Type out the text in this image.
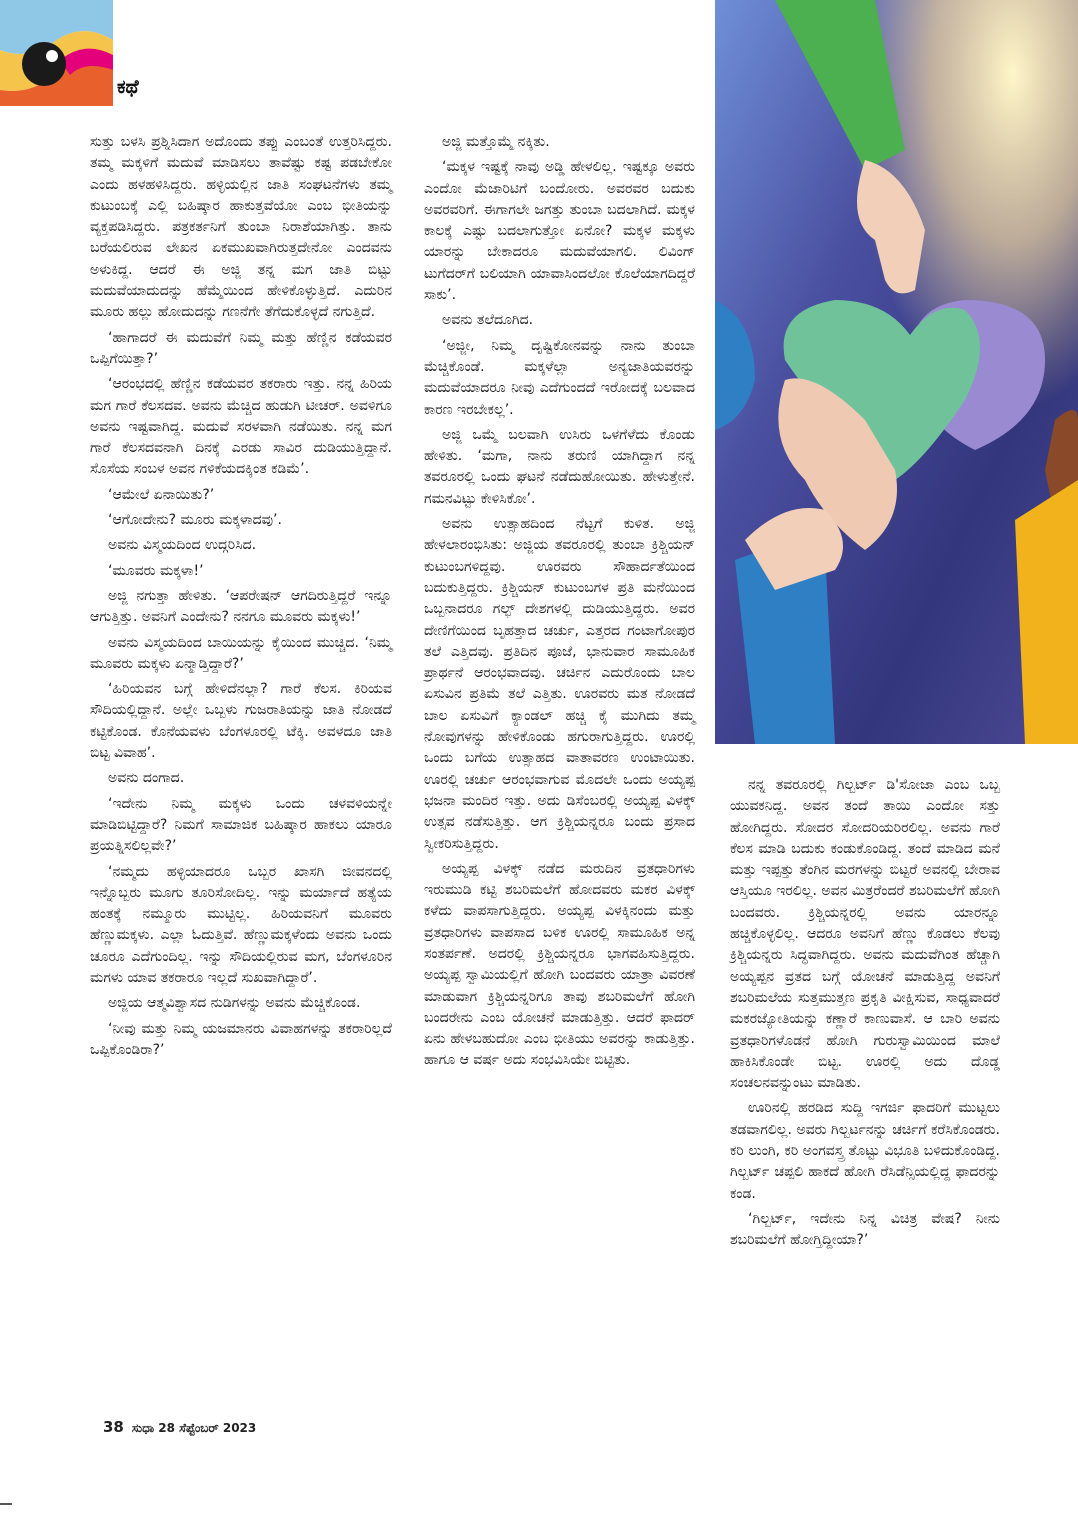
ಕಥೆ

ಸುತ್ತು ಬಳಸಿ ಪ್ರಶ್ನಿಸಿದಾಗ ಅದೊಂದು ತಪ್ಪು ಎಂಬಂತೆ ಉತ್ತರಿಸಿದ್ದರು. ತಮ್ಮ ಮಕ್ಕಳಿಗೆ ಮದುವೆ ಮಾಡಿಸಲು ತಾವೆಷ್ಟು ಕಷ್ಟ ಪಡಬೇಕೋ ಎಂದು ಹಳಹಳಿಸಿದ್ದರು. ಹಳ್ಳಿಯಲ್ಲಿನ ಜಾತಿ ಸಂಘಟನೆಗಳು ತಮ್ಮ ಕುಟುಂಬಕ್ಕೆ ಎಲ್ಲಿ ಬಹಿಷ್ಕಾರ ಹಾಕುತ್ತವೆಯೋ ಎಂಬ ಭೀತಿಯನ್ನು ವ್ಯಕ್ತಪಡಿಸಿದ್ದರು. ಪತ್ರಕರ್ತನಿಗೆ ತುಂಬಾ ನಿರಾಶೆಯಾಗಿತ್ತು. ತಾನು ಬರೆಯಲಿರುವ ಲೇಖನ ಏಕಮುಖವಾಗಿರುತ್ತದೇನೋ ಎಂದವನು ಅಳುಕಿದ್ದ. ಆದರೆ ಈ ಅಜ್ಜಿ ತನ್ನ ಮಗ ಜಾತಿ ಬಿಟ್ಟು ಮದುವೆಯಾದುದನ್ನು ಹೆಮ್ಮೆಯಿಂದ ಹೇಳಿಕೊಳ್ಳುತ್ತಿದೆ. ಎದುರಿನ ಮೂರು ಹಲ್ಲು ಹೋದುದನ್ನು ಗಣನೆಗೇ ತೆಗೆದುಕೊಳ್ಳದೆ ನಗುತ್ತಿದೆ.

‘ಹಾಗಾದರೆ ಈ ಮದುವೆಗೆ ನಿಮ್ಮ ಮತ್ತು ಹೆಣ್ಣಿನ ಕಡೆಯವರ ಒಪ್ಪಿಗೆಯಿತ್ತಾ?’

‘ಆರಂಭದಲ್ಲಿ ಹೆಣ್ಣಿನ ಕಡೆಯವರ ತಕರಾರು ಇತ್ತು. ನನ್ನ ಹಿರಿಯ ಮಗ ಗಾರೆ ಕೆಲಸದವ. ಅವನು ಮೆಚ್ಚಿದ ಹುಡುಗಿ ಟೀಚರ್. ಅವಳಿಗೂ ಅವನು ಇಷ್ಟವಾಗಿದ್ದ. ಮದುವೆ ಸರಳವಾಗಿ ನಡೆಯಿತು. ನನ್ನ ಮಗ ಗಾರೆ ಕೆಲಸದವನಾಗಿ ದಿನಕ್ಕೆ ಎರಡು ಸಾವಿರ ದುಡಿಯುತ್ತಿದ್ದಾನೆ. ಸೊಸೆಯ ಸಂಬಳ ಅವನ ಗಳಿಕೆಯದಕ್ಕಿಂತ ಕಡಿಮೆ’.

‘ಆಮೇಲೆ ಏನಾಯಿತು?’

‘ಆಗೋದೇನು? ಮೂರು ಮಕ್ಕಳಾದವು’.

ಅವನು ವಿಸ್ಮಯದಿಂದ ಉದ್ಗರಿಸಿದ.

‘ಮೂವರು ಮಕ್ಕಳಾ!’

ಅಜ್ಜಿ ನಗುತ್ತಾ ಹೇಳಿತು. ‘ಆಪರೇಷನ್ ಆಗದಿರುತ್ತಿದ್ದರೆ ಇನ್ನೂ ಆಗುತ್ತಿತ್ತು. ಅವನಿಗೆ ಎಂದೇನು? ನನಗೂ ಮೂವರು ಮಕ್ಕಳು!’

ಅವನು ವಿಸ್ಮಯದಿಂದ ಬಾಯಿಯನ್ನು ಕೈಯಿಂದ ಮುಚ್ಚಿದ. ‘ನಿಮ್ಮ ಮೂವರು ಮಕ್ಕಳು ಏನ್ಮಾಡ್ತಿದ್ದಾರೆ?’

‘ಹಿರಿಯವನ ಬಗ್ಗೆ ಹೇಳಿದೆನಲ್ಲಾ? ಗಾರೆ ಕೆಲಸ. ಕಿರಿಯವ ಸೌದಿಯಲ್ಲಿದ್ದಾನೆ. ಅಲ್ಲೇ ಒಬ್ಬಳು ಗುಜರಾತಿಯನ್ನು ಜಾತಿ ನೋಡದೆ ಕಟ್ಟಿಕೊಂಡ. ಕೊನೆಯವಳು ಬೆಂಗಳೂರಲ್ಲಿ ಟೆಕ್ಕಿ. ಅವಳದೂ ಜಾತಿ ಬಿಟ್ಟ ವಿವಾಹ’.

ಅವನು ದಂಗಾದ.

‘ಇದೇನು ನಿಮ್ಮ ಮಕ್ಕಳು ಒಂದು ಚಳವಳಿಯನ್ನೇ ಮಾಡಿಬಿಟ್ಟಿದ್ದಾರೆ? ನಿಮಗೆ ಸಾಮಾಜಿಕ ಬಹಿಷ್ಕಾರ ಹಾಕಲು ಯಾರೂ ಪ್ರಯತ್ನಿಸಲಿಲ್ಲವೇ?’

‘ನಮ್ಮದು ಹಳ್ಳಿಯಾದರೂ ಒಬ್ಬರ ಖಾಸಗಿ ಜೀವನದಲ್ಲಿ ಇನ್ನೊಬ್ಬರು ಮೂಗು ತೂರಿಸೋದಿಲ್ಲ. ಇನ್ನು ಮರ್ಯಾದೆ ಹತ್ಯೆಯ ಹಂತಕ್ಕೆ ನಮ್ಮೂರು ಮುಟ್ಟಿಲ್ಲ. ಹಿರಿಯವನಿಗೆ ಮೂವರು ಹೆಣ್ಣುಮಕ್ಕಳು. ಎಲ್ಲಾ ಓದುತ್ತಿವೆ. ಹೆಣ್ಣುಮಕ್ಕಳೆಂದು ಅವನು ಒಂದು ಚೂರೂ ಎದೆಗುಂದಿಲ್ಲ. ಇನ್ನು ಸೌದಿಯಲ್ಲಿರುವ ಮಗ, ಬೆಂಗಳೂರಿನ ಮಗಳು ಯಾವ ತಕರಾರೂ ಇಲ್ಲದೆ ಸುಖವಾಗಿದ್ದಾರೆ’.

ಅಜ್ಜಿಯ ಆತ್ಮವಿಶ್ವಾಸದ ನುಡಿಗಳನ್ನು ಅವನು ಮೆಚ್ಚಿಕೊಂಡ.

‘ನೀವು ಮತ್ತು ನಿಮ್ಮ ಯಜಮಾನರು ವಿವಾಹಗಳನ್ನು ತಕರಾರಿಲ್ಲದೆ ಒಪ್ಪಿಕೊಂಡಿರಾ?’

ಅಜ್ಜಿ ಮತ್ತೊಮ್ಮೆ ನಕ್ಕಿತು.

‘ಮಕ್ಕಳ ಇಷ್ಟಕ್ಕೆ ನಾವು ಅಡ್ಡಿ ಹೇಳಲಿಲ್ಲ. ಇಷ್ಟಕ್ಕೂ ಅವರು ಎಂದೋ ಮೆಜಾರಿಟಿಗೆ ಬಂದೋರು. ಅವರವರ ಬದುಕು ಅವರವರಿಗೆ. ಈಗಾಗಲೇ ಜಗತ್ತು ತುಂಬಾ ಬದಲಾಗಿದೆ. ಮಕ್ಕಳ ಕಾಲಕ್ಕೆ ಎಷ್ಟು ಬದಲಾಗುತ್ತೋ ಏನೋ? ಮಕ್ಕಳ ಮಕ್ಕಳು ಯಾರನ್ನು ಬೇಕಾದರೂ ಮದುವೆಯಾಗಲಿ. ಲಿವಿಂಗ್ ಟುಗೆದರ್‌ಗೆ ಬಲಿಯಾಗಿ ಯಾವಾಸಿಂದಲೋ ಕೊಲೆಯಾಗದಿದ್ದರೆ ಸಾಕು’.

ಅವನು ತಲೆದೂಗಿದ.

‘ಅಜ್ಜೀ, ನಿಮ್ಮ ದೃಷ್ಟಿಕೋನವನ್ನು ನಾನು ತುಂಬಾ ಮೆಚ್ಚಿಕೊಂಡೆ. ಮಕ್ಕಳೆಲ್ಲಾ ಅನ್ಯಜಾತಿಯವರನ್ನು ಮದುವೆಯಾದರೂ ನೀವು ಎದೆಗುಂದದೆ ಇರೋದಕ್ಕೆ ಬಲವಾದ ಕಾರಣ ಇರಬೇಕಲ್ಲ’.

ಅಜ್ಜಿ ಒಮ್ಮೆ ಬಲವಾಗಿ ಉಸಿರು ಒಳಗೆಳೆದು ಕೊಂಡು ಹೇಳಿತು. ‘ಮಗಾ, ನಾನು ತರುಣಿ ಯಾಗಿದ್ದಾಗ ನನ್ನ ತವರೂರಲ್ಲಿ ಒಂದು ಘಟನೆ ನಡೆದುಹೋಯಿತು. ಹೇಳುತ್ತೇನೆ. ಗಮನವಿಟ್ಟು ಕೇಳಿಸಿಕೋ’.

ಅವನು ಉತ್ಸಾಹದಿಂದ ನೆಟ್ಟಗೆ ಕುಳಿತ. ಅಜ್ಜಿ ಹೇಳಲಾರಂಭಿಸಿತು: ಅಜ್ಜಿಯ ತವರೂರಲ್ಲಿ ತುಂಬಾ ಕ್ರಿಶ್ಚಿಯನ್ ಕುಟುಂಬಗಳಿದ್ದವು. ಊರವರು ಸೌಹಾರ್ದತೆಯಿಂದ ಬದುಕುತ್ತಿದ್ದರು. ಕ್ರಿಶ್ಚಿಯನ್ ಕುಟುಂಬಗಳ ಪ್ರತಿ ಮನೆಯಿಂದ ಒಬ್ಬನಾದರೂ ಗಲ್ಫ್ ದೇಶಗಳಲ್ಲಿ ದುಡಿಯುತ್ತಿದ್ದರು. ಅವರ ದೇಣಿಗೆಯಿಂದ ಬೃಹತ್ತಾದ ಚರ್ಚು, ಎತ್ತರದ ಗಂಟಾಗೋಪುರ ತಲೆ ಎತ್ತಿದವು. ಪ್ರತಿದಿನ ಪೂಜೆ, ಭಾನುವಾರ ಸಾಮೂಹಿಕ ಪ್ರಾರ್ಥನೆ ಆರಂಭವಾದವು. ಚರ್ಚಿನ ಎದುರೊಂದು ಬಾಲ ಏಸುವಿನ ಪ್ರತಿಮೆ ತಲೆ ಎತ್ತಿತು. ಊರವರು ಮತ ನೋಡದೆ ಬಾಲ ಏಸುವಿಗೆ ಕ್ಯಾಂಡಲ್ ಹಚ್ಚಿ ಕೈ ಮುಗಿದು ತಮ್ಮ ನೋವುಗಳನ್ನು ಹೇಳಿಕೊಂಡು ಹಗುರಾಗುತ್ತಿದ್ದರು. ಊರಲ್ಲಿ ಒಂದು ಬಗೆಯ ಉತ್ಸಾಹದ ವಾತಾವರಣ ಉಂಟಾಯಿತು. ಊರಲ್ಲಿ ಚರ್ಚು ಆರಂಭವಾಗುವ ಮೊದಲೇ ಒಂದು ಅಯ್ಯಪ್ಪ ಭಜನಾ ಮಂದಿರ ಇತ್ತು. ಅದು ಡಿಸೆಂಬರಲ್ಲಿ ಅಯ್ಯಪ್ಪ ವಿಳಕ್ಕ್ ಉತ್ಸವ ನಡೆಸುತ್ತಿತ್ತು. ಆಗ ಕ್ರಿಶ್ಚಿಯನ್ನರೂ ಬಂದು ಪ್ರಸಾದ ಸ್ವೀಕರಿಸುತ್ತಿದ್ದರು.

ಅಯ್ಯಪ್ಪ ವಿಳಕ್ಕ್ ನಡೆದ ಮರುದಿನ ವ್ರತಧಾರಿಗಳು ಇರುಮುಡಿ ಕಟ್ಟಿ ಶಬರಿಮಲೆಗೆ ಹೋದವರು ಮಕರ ವಿಳಕ್ಕ್ ಕಳೆದು ವಾಪಸಾಗುತ್ತಿದ್ದರು. ಅಯ್ಯಪ್ಪ ವಿಳಕ್ಕಿನಂದು ಮತ್ತು ವ್ರತಧಾರಿಗಳು ವಾಪಸಾದ ಬಳಿಕ ಊರಲ್ಲಿ ಸಾಮೂಹಿಕ ಅನ್ನ ಸಂತರ್ಪಣೆ. ಅದರಲ್ಲಿ ಕ್ರಿಶ್ಚಿಯನ್ನರೂ ಭಾಗವಹಿಸುತ್ತಿದ್ದರು. ಅಯ್ಯಪ್ಪ ಸ್ವಾಮಿಯಲ್ಲಿಗೆ ಹೋಗಿ ಬಂದವರು ಯಾತ್ರಾ ವಿವರಣೆ ಮಾಡುವಾಗ ಕ್ರಿಶ್ಚಿಯನ್ನರಿಗೂ ತಾವು ಶಬರಿಮಲೆಗೆ ಹೋಗಿ ಬಂದರೇನು ಎಂಬ ಯೋಚನೆ ಮಾಡುತ್ತಿತ್ತು. ಆದರೆ ಫಾದರ್ ಏನು ಹೇಳಬಹುದೋ ಎಂಬ ಭೀತಿಯು ಅವರನ್ನು ಕಾಡುತ್ತಿತ್ತು. ಹಾಗೂ ಆ ವರ್ಷ ಅದು ಸಂಭವಿಸಿಯೇ ಬಿಟ್ಟಿತು.

ನನ್ನ ತವರೂರಲ್ಲಿ ಗಿಲ್ಬರ್ಟ್ ಡಿ'ಸೋಜಾ ಎಂಬ ಒಬ್ಬ ಯುವಕನಿದ್ದ. ಅವನ ತಂದೆ ತಾಯಿ ಎಂದೋ ಸತ್ತು ಹೋಗಿದ್ದರು. ಸೋದರ ಸೋದರಿಯರಿರಲಿಲ್ಲ. ಅವನು ಗಾರೆ ಕೆಲಸ ಮಾಡಿ ಬದುಕು ಕಂಡುಕೊಂಡಿದ್ದ. ತಂದೆ ಮಾಡಿದ ಮನೆ ಮತ್ತು ಇಪ್ಪತ್ತು ತೆಂಗಿನ ಮರಗಳನ್ನು ಬಿಟ್ಟರೆ ಅವನಲ್ಲಿ ಬೇರಾವ ಆಸ್ತಿಯೂ ಇರಲಿಲ್ಲ. ಅವನ ಮಿತ್ರರೆಂದರೆ ಶಬರಿಮಲೆಗೆ ಹೋಗಿ ಬಂದವರು. ಕ್ರಿಶ್ಚಿಯನ್ನರಲ್ಲಿ ಅವನು ಯಾರನ್ನೂ ಹಚ್ಚಿಕೊಳ್ಳಲಿಲ್ಲ. ಆದರೂ ಅವನಿಗೆ ಹೆಣ್ಣು ಕೊಡಲು ಕೆಲವು ಕ್ರಿಶ್ಚಿಯನ್ನರು ಸಿದ್ಧವಾಗಿದ್ದರು. ಅವನು ಮದುವೆಗಿಂತ ಹೆಚ್ಚಾಗಿ ಅಯ್ಯಪ್ಪನ ವ್ರತದ ಬಗ್ಗೆ ಯೋಚನೆ ಮಾಡುತ್ತಿದ್ದ ಅವನಿಗೆ ಶಬರಿಮಲೆಯ ಸುತ್ತಮುತ್ತಣ ಪ್ರಕೃತಿ ವೀಕ್ಷಿಸುವ, ಸಾಧ್ಯವಾದರೆ ಮಕರಜ್ಯೋತಿಯನ್ನು ಕಣ್ಣಾರೆ ಕಾಣುವಾಸೆ. ಆ ಬಾರಿ ಅವನು ವ್ರತಧಾರಿಗಳೊಡನೆ ಹೋಗಿ ಗುರುಸ್ವಾಮಿಯಿಂದ ಮಾಲೆ ಹಾಕಿಸಿಕೊಂಡೇ ಬಿಟ್ಟ. ಊರಲ್ಲಿ ಅದು ದೊಡ್ಡ ಸಂಚಲನವನ್ನುಂಟು ಮಾಡಿತು.

ಊರಿನಲ್ಲಿ ಹರಡಿದ ಸುದ್ದಿ ಇಗರ್ಜಿ ಫಾದರಿಗೆ ಮುಟ್ಟಲು ತಡವಾಗಲಿಲ್ಲ. ಅವರು ಗಿಲ್ಬರ್ಟನನ್ನು ಚರ್ಚಿಗೆ ಕರೆಸಿಕೊಂಡರು. ಕರಿ ಲುಂಗಿ, ಕರಿ ಅಂಗವಸ್ತ್ರ ತೊಟ್ಟು ವಿಭೂತಿ ಬಳಿದುಕೊಂಡಿದ್ದ. ಗಿಲ್ಬರ್ಟ್ ಚಪ್ಪಲಿ ಹಾಕದೆ ಹೋಗಿ ರೆಸಿಡೆನ್ಸಿಯಲ್ಲಿದ್ದ ಫಾದರನ್ನು ಕಂಡ.

‘ಗಿಲ್ಬರ್ಟ್, ಇದೇನು ನಿನ್ನ ವಿಚಿತ್ರ ವೇಷ? ನೀನು ಶಬರಿಮಲೆಗೆ ಹೋಗ್ತಿದ್ದೀಯಾ?’

38 ಸುಧಾ 28 ಸೆಪ್ಟೆಂಬರ್ 2023
